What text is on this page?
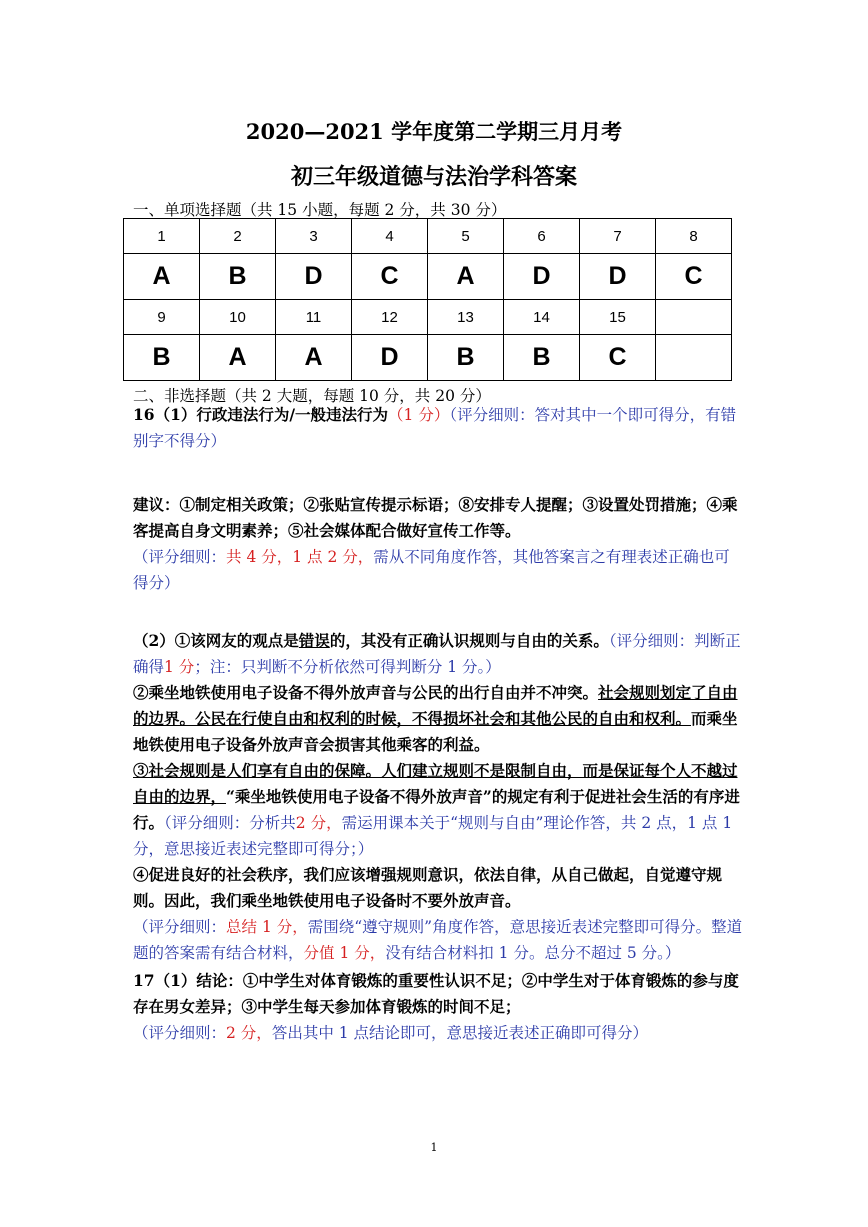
2020—2021 学年度第二学期三月月考
初三年级道德与法治学科答案
一、单项选择题（共 15 小题，每题 2 分，共 30 分）
1	2	3	4	5	6	7	8
A	B	D	C	A	D	D	C
9	10	11	12	13	14	15	
B	A	A	D	B	B	C	
二、非选择题（共 2 大题，每题 10 分，共 20 分）
16（1）行政违法行为/一般违法行为（1 分）（评分细则：答对其中一个即可得分，有错别字不得分）
建议：①制定相关政策；②张贴宣传提示标语；⑧安排专人提醒；③设置处罚措施；④乘客提高自身文明素养；⑤社会媒体配合做好宣传工作等。
（评分细则：共 4 分，1 点 2 分，需从不同角度作答，其他答案言之有理表述正确也可得分）
（2）①该网友的观点是错误的，其没有正确认识规则与自由的关系。（评分细则：判断正确得1 分；注：只判断不分析依然可得判断分 1 分。）
②乘坐地铁使用电子设备不得外放声音与公民的出行自由并不冲突。社会规则划定了自由的边界。公民在行使自由和权利的时候，不得损坏社会和其他公民的自由和权利。而乘坐地铁使用电子设备外放声音会损害其他乘客的利益。
③社会规则是人们享有自由的保障。人们建立规则不是限制自由，而是保证每个人不越过自由的边界，“乘坐地铁使用电子设备不得外放声音”的规定有利于促进社会生活的有序进行。（评分细则：分析共2 分，需运用课本关于“规则与自由”理论作答，共 2 点，1 点 1 分，意思接近表述完整即可得分；）
④促进良好的社会秩序，我们应该增强规则意识，依法自律，从自己做起，自觉遵守规则。因此，我们乘坐地铁使用电子设备时不要外放声音。
（评分细则：总结 1 分，需围绕“遵守规则”角度作答，意思接近表述完整即可得分。整道题的答案需有结合材料，分值 1 分，没有结合材料扣 1 分。总分不超过 5 分。）
17（1）结论：①中学生对体育锻炼的重要性认识不足；②中学生对于体育锻炼的参与度存在男女差异；③中学生每天参加体育锻炼的时间不足；
（评分细则：2 分，答出其中 1 点结论即可，意思接近表述正确即可得分）
1
